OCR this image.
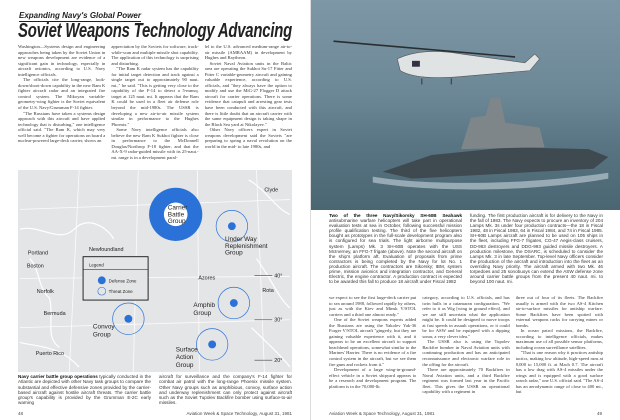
Expanding Navy's Global Power
Soviet Weapons Technology Advancing

Washington—Systems design and engineering approaches being taken by the Soviet Union in new weapons development are evidence of a significant gain in technology, especially in aircraft avionics, according to U.S. Navy intelligence officials.

The officials cite the long-range, look-down/shoot-down capability in the new Ram K fighter aircraft radar and an integrated fire control system. The Mikoyan variable-geometry-wing fighter is the Soviet equivalent of the U.S. Navy/Grumman F-14 fighter.

"The Russians have taken a systems design approach with this aircraft and have applied technology that is disturbing," one intelligence official said. "The Ram K, which may very well become a fighter for operations on board a nuclear-powered large-deck carrier, shows an

appreciation by the Soviets for software, track-while-scan and multiple missile shot capability. The application of this technology is surprising and disturbing.

"The Ram K radar system has the capability for initial target detection and track against a single target out to approximately 90 naut. mi.," he said. "This is getting very close to the capability of the F-14 to detect a 5-mmsq. target at 125 naut. mi. It appears that the Ram K could be used in a fleet air defense role beyond the mid-1980s. The USSR is developing a new air-to-air missile system similar in performance to the Hughes Phoenix."

Some Navy intelligence officials also believe the new Ram K Sukhoi fighter is close in performance to the McDonnell Douglas/Northrop F-18 fighter, and that the AA-X-9 radar-guided missile with its 25-naut.-mi. range is in a development paral-

lel to the U.S. advanced medium-range air-to-air missile (AMRAAM) in development by Hughes and Raytheon.

Soviet Naval Aviation units in the Baltic area are operating the Sukhoi Su-17 Fitter and Fitter C variable-geometry aircraft and gaining valuable experience, according to U.S. officials, and "they always have the option to modify and use the MiG-27 Flogger D attack aircraft for carrier operations. There is some evidence that catapult and arresting gear tests have been conducted with this aircraft, and there is little doubt that an aircraft carrier with the same equipment design is taking shape in the Black Sea yard at Nikolayev."

Other Navy officers expert in Soviet weapons development said the Soviets "are preparing to spring a naval revolution on the world in the mid- to late 1980s, and

Carrier
Battle
Group
Under Way
Replenishment
Group
Amphib
Group
Convoy
Group
Surface
Action
Group
Clyde
Newfoundland
Portland
Boston
Norfolk
Bermuda
Puerto Rico
Azores
Rota
40°
30°
20°
Legend
Defense Zone
Threat Zone
Navy carrier battle group operations typically conducted in the Atlantic are depicted with other Navy task groups to compare the substantial and effective defensive zones provided by the carrier-based aircraft against hostile aircraft threats. The carrier battle group's capability is provided by the Grumman E-2C early warning
aircraft for surveillance and the company's F-14 fighter for combat air patrol with the long-range Phoenix missile system. Other Navy groups such as amphibious, convoy, surface action and underway replenishment can only protect against aircraft such as the Soviet Tupolev Backfire bomber using surface-to-air missiles.
48	Aviation Week & Space Technology, August 31, 1981
Two of the three Navy/Sikorsky SH-60B Seahawk antisubmarine warfare helicopters will take part in operational evaluation tests at sea in October, following successful mission profile qualification testing. The third of the five helicopters bought as prototypes in the full-scale development program also is configured for sea trials. The light airborne multipurpose system (Lamps) Mk. 3 SH-60B operates with the USS McInerney, an FFG-7 frigate (above). Note the second aircraft on the ship's platform aft. Evaluation of proposals from prime contractors is being completed by the Navy for lot No. 1 production aircraft. The contractors are Sikorsky; IBM, system prime, mission avionics and integration contractor, and General Electric, the engine contractor. A production contract is expected to be awarded this fall to produce 18 aircraft under Fiscal 1982
funding. The first production aircraft is for delivery to the Navy in the fall of 1983. The Navy expects to procure an inventory of 204 Lamps Mk. 3s under four production contracts—the 18 in Fiscal 1982, 48 in Fiscal 1983, 64 in Fiscal 1984, and 74 in Fiscal 1985. SH-60B Lamps aircraft are planned to be used on 105 ships in the fleet, including FFG-7 frigates, CG-47 Aegis-class cruisers, DD-963 destroyers and DDG-993 guided missile destroyers. A production milestone, the DSARC, is scheduled to consider the Lamps Mk. 3 in late September. Top-level Navy officers consider the production of the aircraft and introduction into the fleet as an overriding Navy priority. The aircraft armed with two Mk. 46 torpedoes and 25 sonobuoys can extend the ASW defense zone around carrier battle groups from the present 40 naut. mi. to beyond 100 naut. mi.

we expect to see the first large-deck carrier put to sea around 1988, followed rapidly by others, just as with the Kiev and Minsk V/STOL carriers and a third one almost ready."

One of the Soviet weapons experts added the Russians are using the Yakolev Yak-36 Forger V/STOL aircraft "gingerly, but they are gaining valuable experience with it, and it appears to be an excellent aircraft to support beachhead operations, somewhat similar to the Marines' Harrier. There is no evidence of a fire control system in the aircraft, but we see them fire guns and rockets from it."

Development of a large wing-in-ground-effect vehicle in a Soviet shipyard appears to be a research and development program. The platform is in the 70,000-lb.

category, according to U.S. officials, and has twin hulls in a catamaran configuration. "We refer to it as Wig [wing in ground effect], and we are still uncertain what the application might be. It could be designed to move troops at fast speeds in assault operations, or it could be for ASW and be equipped with a dipping sonar, a very clever idea."

The USSR also is using the Tupolev Backfire bomber in Naval Aviation units with continuing production and has an anticipated reconnaissance and electronic warfare role in the offing for the aircraft.

There are approximately 70 Backfires in Naval Aviation units, and a third Backfire regiment was formed last year in the Pacific fleet. This gives the USSR an operational capability with a regiment in

three out of four of its fleets. The Backfire usually is armed with the two AS-4 Kitchen air-to-surface missiles for antiship warfare. Some Backfires have been spotted with external weapons racks for carrying mines or bombs.

In ocean patrol missions, the Backfire, according to intelligence officials, makes maximum use of all possible sensor platforms, including ocean surveillance satellites.

"That is one reason why it practices antiship tactics, making low altitude, high-speed runs at 8,000 to 15,000 ft. at Mach 0.7. The aircraft has a low drag with AS-4 missiles under the wings and is equipped with a good surface search radar," one U.S. official said. "The AS-4 has an aerodynamic range of close to 400 mi., but

Aviation Week & Space Technology, August 31, 1981	49
